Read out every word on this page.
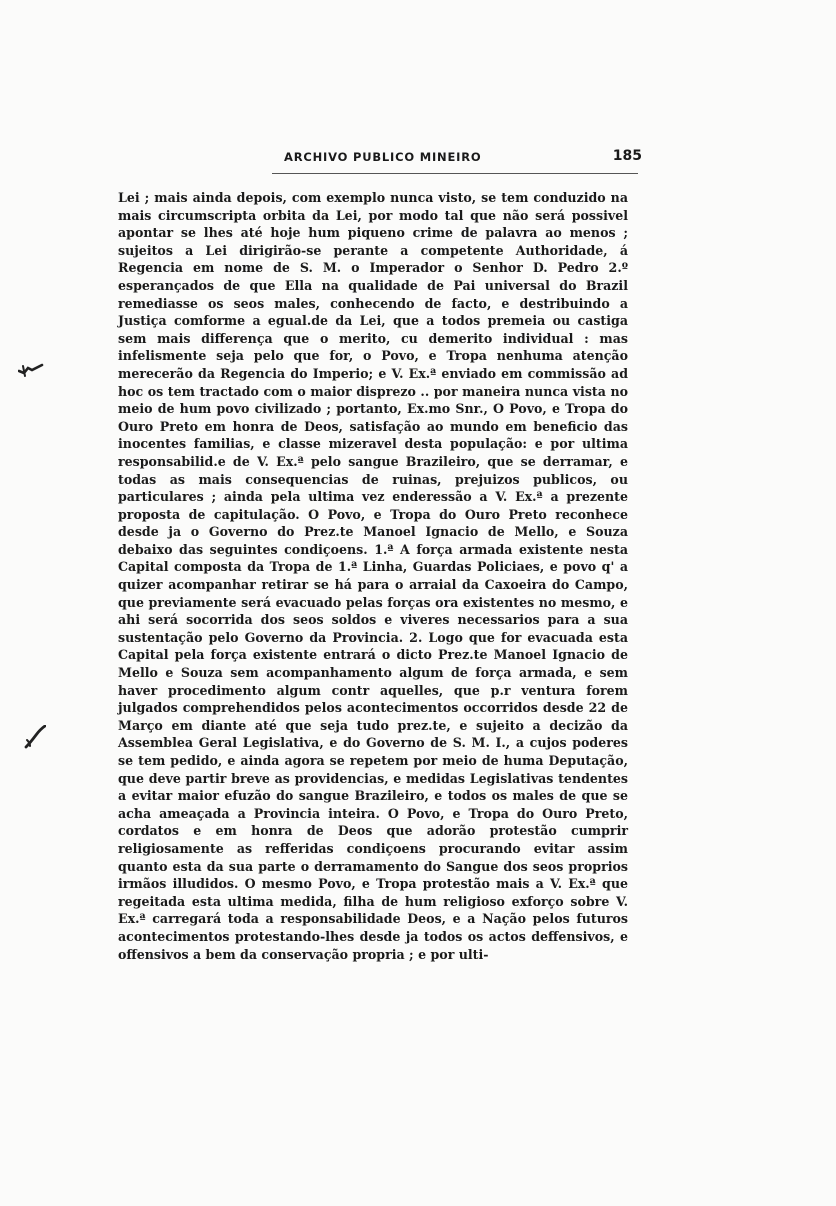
ARCHIVO PUBLICO MINEIRO	185

Lei ; mais ainda depois, com exemplo nunca visto, se tem conduzido na mais circumscripta orbita da Lei, por modo tal que não será possivel apontar se lhes até hoje hum piqueno crime de palavra ao menos ; sujeitos a Lei dirigirão-se perante a competente Authoridade, á Regencia em nome de S. M. o Imperador o Senhor D. Pedro 2.º esperançados de que Ella na qualidade de Pai universal do Brazil remediasse os seos males, conhecendo de facto, e destribuindo a Justiça comforme a egual.de da Lei, que a todos premeia ou castiga sem mais differença que o merito, cu demerito individual : mas infelismente seja pelo que for, o Povo, e Tropa nenhuma atenção merecerão da Regencia do Imperio; e V. Ex.ª enviado em commissão ad hoc os tem tractado com o maior disprezo .. por maneira nunca vista no meio de hum povo civilizado ; portanto, Ex.mo Snr., O Povo, e Tropa do Ouro Preto em honra de Deos, satisfação ao mundo em beneficio das inocentes familias, e classe mizeravel desta população: e por ultima responsabilid.e de V. Ex.ª pelo sangue Brazileiro, que se derramar, e todas as mais consequencias de ruinas, prejuizos publicos, ou particulares ; ainda pela ultima vez enderessão a V. Ex.ª a prezente proposta de capitulação. O Povo, e Tropa do Ouro Preto reconhece desde ja o Governo do Prez.te Manoel Ignacio de Mello, e Souza debaixo das seguintes condiçoens. 1.ª A força armada existente nesta Capital composta da Tropa de 1.ª Linha, Guardas Policiaes, e povo q' a quizer acompanhar retirar se há para o arraial da Caxoeira do Campo, que previamente será evacuado pelas forças ora existentes no mesmo, e ahi será socorrida dos seos soldos e viveres necessarios para a sua sustentação pelo Governo da Provincia. 2. Logo que for evacuada esta Capital pela força existente entrará o dicto Prez.te Manoel Ignacio de Mello e Souza sem acompanhamento algum de força armada, e sem haver procedimento algum contr aquelles, que p.r ventura forem julgados comprehendidos pelos acontecimentos occorridos desde 22 de Março em diante até que seja tudo prez.te, e sujeito a decizão da Assemblea Geral Legislativa, e do Governo de S. M. I., a cujos poderes se tem pedido, e ainda agora se repetem por meio de huma Deputação, que deve partir breve as providencias, e medidas Legislativas tendentes a evitar maior efuzão do sangue Brazileiro, e todos os males de que se acha ameaçada a Provincia inteira. O Povo, e Tropa do Ouro Preto, cordatos e em honra de Deos que adorão protestão cumprir religiosamente as refferidas condiçoens procurando evitar assim quanto esta da sua parte o derramamento do Sangue dos seos proprios irmãos illudidos. O mesmo Povo, e Tropa protestão mais a V. Ex.ª que regeitada esta ultima medida, filha de hum religioso exforço sobre V. Ex.ª carregará toda a responsabilidade Deos, e a Nação pelos futuros acontecimentos protestando-lhes desde ja todos os actos deffensivos, e offensivos a bem da conservação propria ; e por ulti-
